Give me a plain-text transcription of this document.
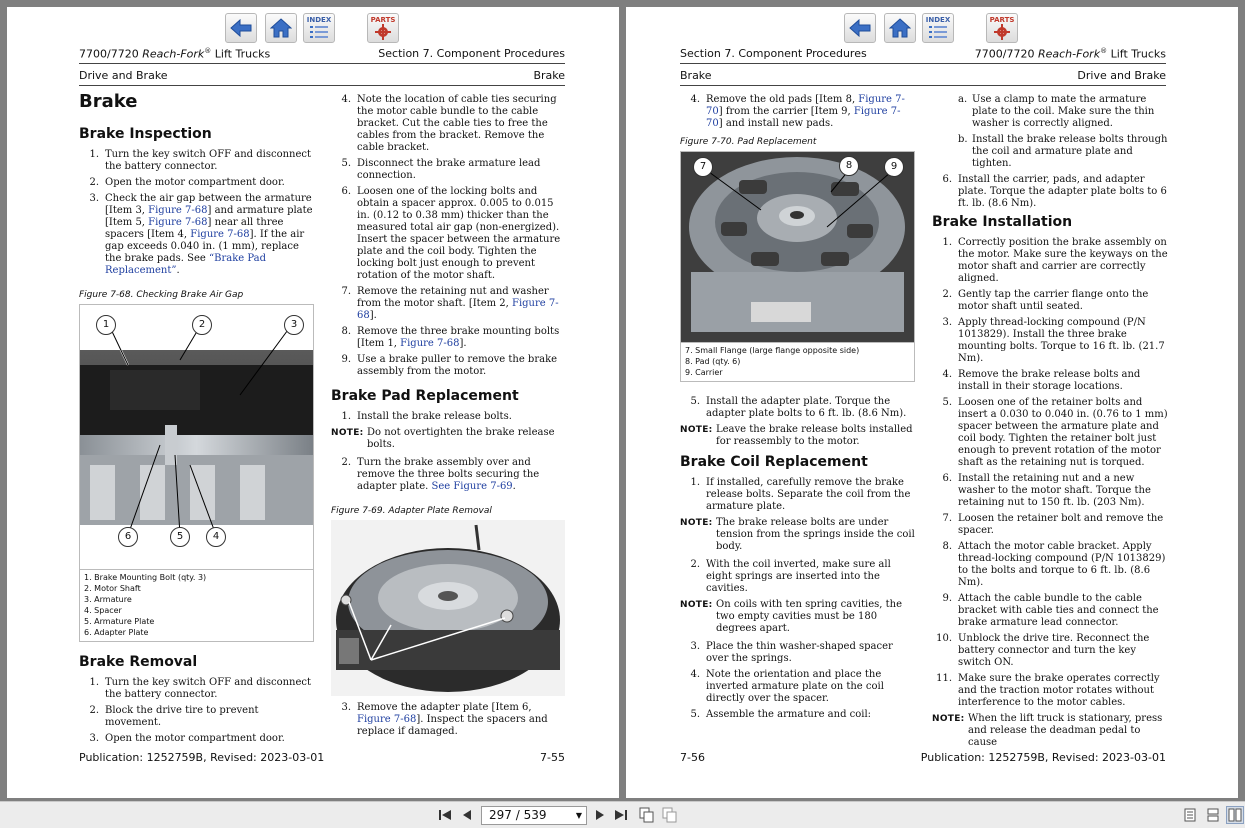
INDEX	PARTS
7700/7720 Reach-Fork® Lift Trucks	Section 7. Component Procedures
Drive and Brake	Brake
Brake
Brake Inspection
1. Turn the key switch OFF and disconnect the battery connector.
2. Open the motor compartment door.
3. Check the air gap between the armature [Item 3, Figure 7-68] and armature plate [Item 5, Figure 7-68] near all three spacers [Item 4, Figure 7-68]. If the air gap exceeds 0.040 in. (1 mm), replace the brake pads. See “Brake Pad Replacement”.
Figure 7-68. Checking Brake Air Gap
1	2	3
6	5	4
1. Brake Mounting Bolt (qty. 3)
2. Motor Shaft
3. Armature
4. Spacer
5. Armature Plate
6. Adapter Plate
Brake Removal
1. Turn the key switch OFF and disconnect the battery connector.
2. Block the drive tire to prevent movement.
3. Open the motor compartment door.
4. Note the location of cable ties securing the motor cable bundle to the cable bracket. Cut the cable ties to free the cables from the bracket. Remove the cable bracket.
5. Disconnect the brake armature lead connection.
6. Loosen one of the locking bolts and obtain a spacer approx. 0.005 to 0.015 in. (0.12 to 0.38 mm) thicker than the measured total air gap (non-energized). Insert the spacer between the armature plate and the coil body. Tighten the locking bolt just enough to prevent rotation of the motor shaft.
7. Remove the retaining nut and washer from the motor shaft. [Item 2, Figure 7-68].
8. Remove the three brake mounting bolts [Item 1, Figure 7-68].
9. Use a brake puller to remove the brake assembly from the motor.
Brake Pad Replacement
1. Install the brake release bolts.
NOTE: Do not overtighten the brake release bolts.
2. Turn the brake assembly over and remove the three bolts securing the adapter plate. See Figure 7-69.
Figure 7-69. Adapter Plate Removal
3. Remove the adapter plate [Item 6, Figure 7-68]. Inspect the spacers and replace if damaged.
Publication: 1252759B, Revised: 2023-03-01	7-55
INDEX	PARTS
Section 7. Component Procedures	7700/7720 Reach-Fork® Lift Trucks
Brake	Drive and Brake
4. Remove the old pads [Item 8, Figure 7-70] from the carrier [Item 9, Figure 7-70] and install new pads.
Figure 7-70. Pad Replacement
7	8	9
7. Small Flange (large flange opposite side)
8. Pad (qty. 6)
9. Carrier
5. Install the adapter plate. Torque the adapter plate bolts to 6 ft. lb. (8.6 Nm).
NOTE: Leave the brake release bolts installed for reassembly to the motor.
Brake Coil Replacement
1. If installed, carefully remove the brake release bolts. Separate the coil from the armature plate.
NOTE: The brake release bolts are under tension from the springs inside the coil body.
2. With the coil inverted, make sure all eight springs are inserted into the cavities.
NOTE: On coils with ten spring cavities, the two empty cavities must be 180 degrees apart.
3. Place the thin washer-shaped spacer over the springs.
4. Note the orientation and place the inverted armature plate on the coil directly over the spacer.
5. Assemble the armature and coil:
a. Use a clamp to mate the armature plate to the coil. Make sure the thin washer is correctly aligned.
b. Install the brake release bolts through the coil and armature plate and tighten.
6. Install the carrier, pads, and adapter plate. Torque the adapter plate bolts to 6 ft. lb. (8.6 Nm).
Brake Installation
1. Correctly position the brake assembly on the motor. Make sure the keyways on the motor shaft and carrier are correctly aligned.
2. Gently tap the carrier flange onto the motor shaft until seated.
3. Apply thread-locking compound (P/N 1013829). Install the three brake mounting bolts. Torque to 16 ft. lb. (21.7 Nm).
4. Remove the brake release bolts and install in their storage locations.
5. Loosen one of the retainer bolts and insert a 0.030 to 0.040 in. (0.76 to 1 mm) spacer between the armature plate and coil body. Tighten the retainer bolt just enough to prevent rotation of the motor shaft as the retaining nut is torqued.
6. Install the retaining nut and a new washer to the motor shaft. Torque the retaining nut to 150 ft. lb. (203 Nm).
7. Loosen the retainer bolt and remove the spacer.
8. Attach the motor cable bracket. Apply thread-locking compound (P/N 1013829) to the bolts and torque to 6 ft. lb. (8.6 Nm).
9. Attach the cable bundle to the cable bracket with cable ties and connect the brake armature lead connector.
10. Unblock the drive tire. Reconnect the battery connector and turn the key switch ON.
11. Make sure the brake operates correctly and the traction motor rotates without interference to the motor cables.
NOTE: When the lift truck is stationary, press and release the deadman pedal to cause
7-56	Publication: 1252759B, Revised: 2023-03-01
297 / 539	▼
